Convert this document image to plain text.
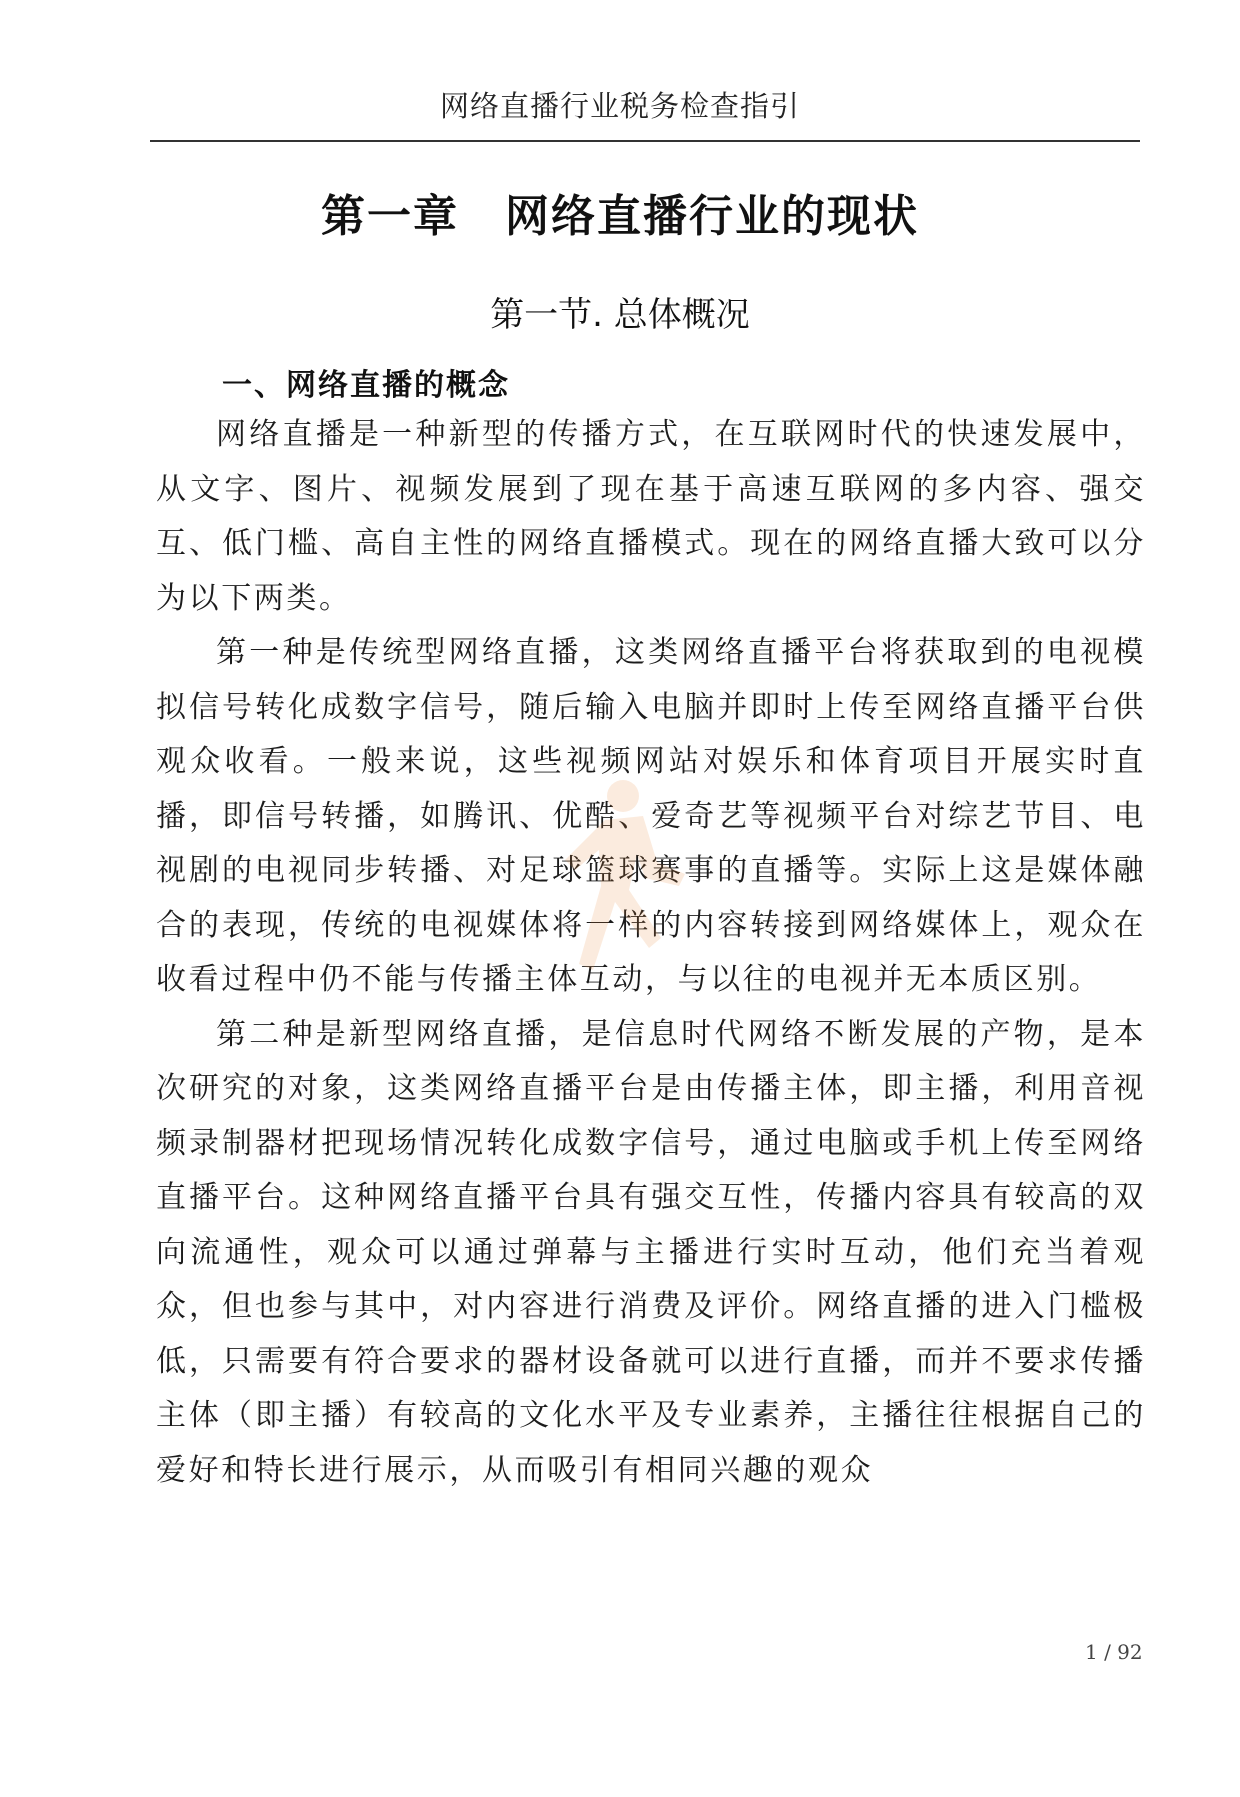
网络直播行业税务检查指引
第一章　网络直播行业的现状
第一节. 总体概况
一、网络直播的概念

网络直播是一种新型的传播方式，在互联网时代的快速发展中，从文字、图片、视频发展到了现在基于高速互联网的多内容、强交互、低门槛、高自主性的网络直播模式。现在的网络直播大致可以分为以下两类。

第一种是传统型网络直播，这类网络直播平台将获取到的电视模拟信号转化成数字信号，随后输入电脑并即时上传至网络直播平台供观众收看。一般来说，这些视频网站对娱乐和体育项目开展实时直播，即信号转播，如腾讯、优酷、爱奇艺等视频平台对综艺节目、电视剧的电视同步转播、对足球篮球赛事的直播等。实际上这是媒体融合的表现，传统的电视媒体将一样的内容转接到网络媒体上，观众在收看过程中仍不能与传播主体互动，与以往的电视并无本质区别。

第二种是新型网络直播，是信息时代网络不断发展的产物，是本次研究的对象，这类网络直播平台是由传播主体，即主播，利用音视频录制器材把现场情况转化成数字信号，通过电脑或手机上传至网络直播平台。这种网络直播平台具有强交互性，传播内容具有较高的双向流通性，观众可以通过弹幕与主播进行实时互动，他们充当着观众，但也参与其中，对内容进行消费及评价。网络直播的进入门槛极低，只需要有符合要求的器材设备就可以进行直播，而并不要求传播主体（即主播）有较高的文化水平及专业素养，主播往往根据自己的爱好和特长进行展示，从而吸引有相同兴趣的观众

1 / 92
